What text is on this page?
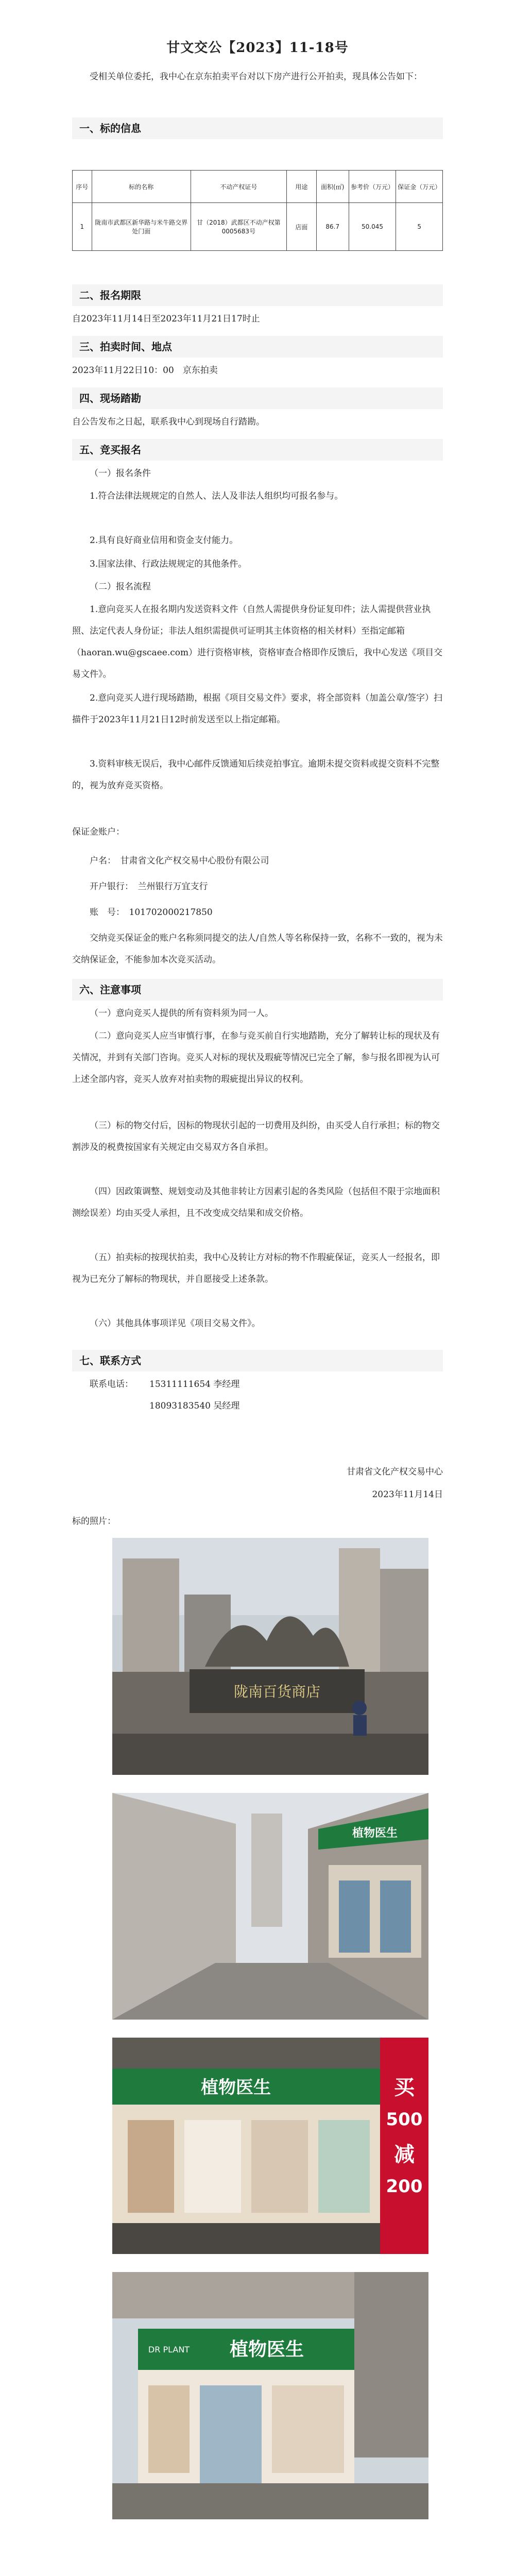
甘文交公【2023】11-18号

受相关单位委托，我中心在京东拍卖平台对以下房产进行公开拍卖，现具体公告如下：

一、标的信息
序号	标的名称	不动产权证号	用途	面积(㎡)	参考价（万元）	保证金（万元）
1	陇南市武都区新华路与米牛路交界处门面	甘（2018）武都区不动产权第0005683号	店面	86.7	50.045	5
二、报名期限
自2023年11月14日至2023年11月21日17时止
三、拍卖时间、地点
2023年11月22日10：00　京东拍卖
四、现场踏勘
自公告发布之日起，联系我中心到现场自行踏勘。
五、竞买报名
（一）报名条件

1.符合法律法规规定的自然人、法人及非法人组织均可报名参与。

2.具有良好商业信用和资金支付能力。

3.国家法律、行政法规规定的其他条件。

（二）报名流程

1.意向竞买人在报名期内发送资料文件（自然人需提供身份证复印件；法人需提供营业执照、法定代表人身份证；非法人组织需提供可证明其主体资格的相关材料）至指定邮箱（haoran.wu@gscaee.com）进行资格审核，资格审查合格即作反馈后，我中心发送《项目交易文件》。

2.意向竞买人进行现场踏勘，根据《项目交易文件》要求，将全部资料（加盖公章/签字）扫描件于2023年11月21日12时前发送至以上指定邮箱。

3.资料审核无误后，我中心邮件反馈通知后续竞拍事宜。逾期未提交资料或提交资料不完整的，视为放弃竞买资格。

保证金账户：
户名：　甘肃省文化产权交易中心股份有限公司
开户银行：　兰州银行万宜支行
账　号：　101702000217850

交纳竞买保证金的账户名称须同提交的法人/自然人等名称保持一致，名称不一致的，视为未交纳保证金，不能参加本次竞买活动。

六、注意事项

（一）意向竞买人提供的所有资料须为同一人。

（二）意向竞买人应当审慎行事，在参与竞买前自行实地踏勘，充分了解转让标的现状及有关情况，并到有关部门咨询。竞买人对标的现状及瑕疵等情况已完全了解，参与报名即视为认可上述全部内容，竞买人放弃对拍卖物的瑕疵提出异议的权利。

（三）标的物交付后，因标的物现状引起的一切费用及纠纷，由买受人自行承担；标的物交割涉及的税费按国家有关规定由交易双方各自承担。

（四）因政策调整、规划变动及其他非转让方因素引起的各类风险（包括但不限于宗地面积测绘误差）均由买受人承担，且不改变成交结果和成交价格。

（五）拍卖标的按现状拍卖，我中心及转让方对标的物不作瑕疵保证，竞买人一经报名，即视为已充分了解标的物现状，并自愿接受上述条款。

（六）其他具体事项详见《项目交易文件》。

七、联系方式
联系电话：	15311111654 李经理
18093183540 吴经理
甘肃省文化产权交易中心
2023年11月14日
标的照片：
陇南百货商店
植物医生
植物医生	买
500
减
200
DR PLANT 植物医生
